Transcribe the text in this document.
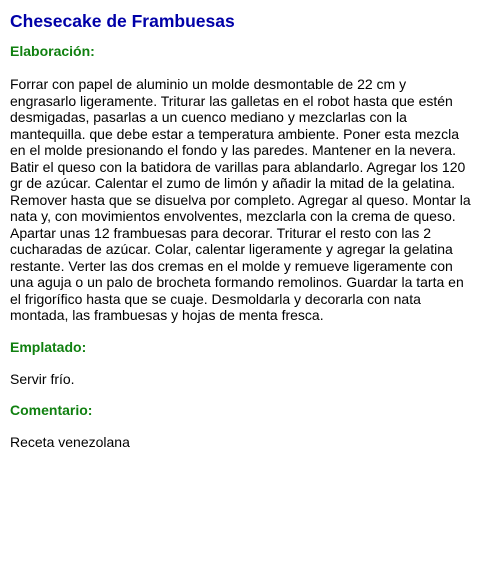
Chesecake de Frambuesas
Elaboración:

Forrar con papel de aluminio un molde desmontable de 22 cm y engrasarlo ligeramente. Triturar las galletas en el robot hasta que estén desmigadas, pasarlas a un cuenco mediano y mezclarlas con la mantequilla. que debe estar a temperatura ambiente. Poner esta mezcla en el molde presionando el fondo y las paredes. Mantener en la nevera. Batir el queso con la batidora de varillas para ablandarlo. Agregar los 120 gr de azúcar. Calentar el zumo de limón y añadir la mitad de la gelatina. Remover hasta que se disuelva por completo. Agregar al queso. Montar la nata y, con movimientos envolventes, mezclarla con la crema de queso. Apartar unas 12 frambuesas para decorar. Triturar el resto con las 2 cucharadas de azúcar. Colar, calentar ligeramente y agregar la gelatina restante. Verter las dos cremas en el molde y remueve ligeramente con una aguja o un palo de brocheta formando remolinos. Guardar la tarta en el frigorífico hasta que se cuaje. Desmoldarla y decorarla con nata montada, las frambuesas y hojas de menta fresca.

Emplatado:

Servir frío.

Comentario:

Receta venezolana
